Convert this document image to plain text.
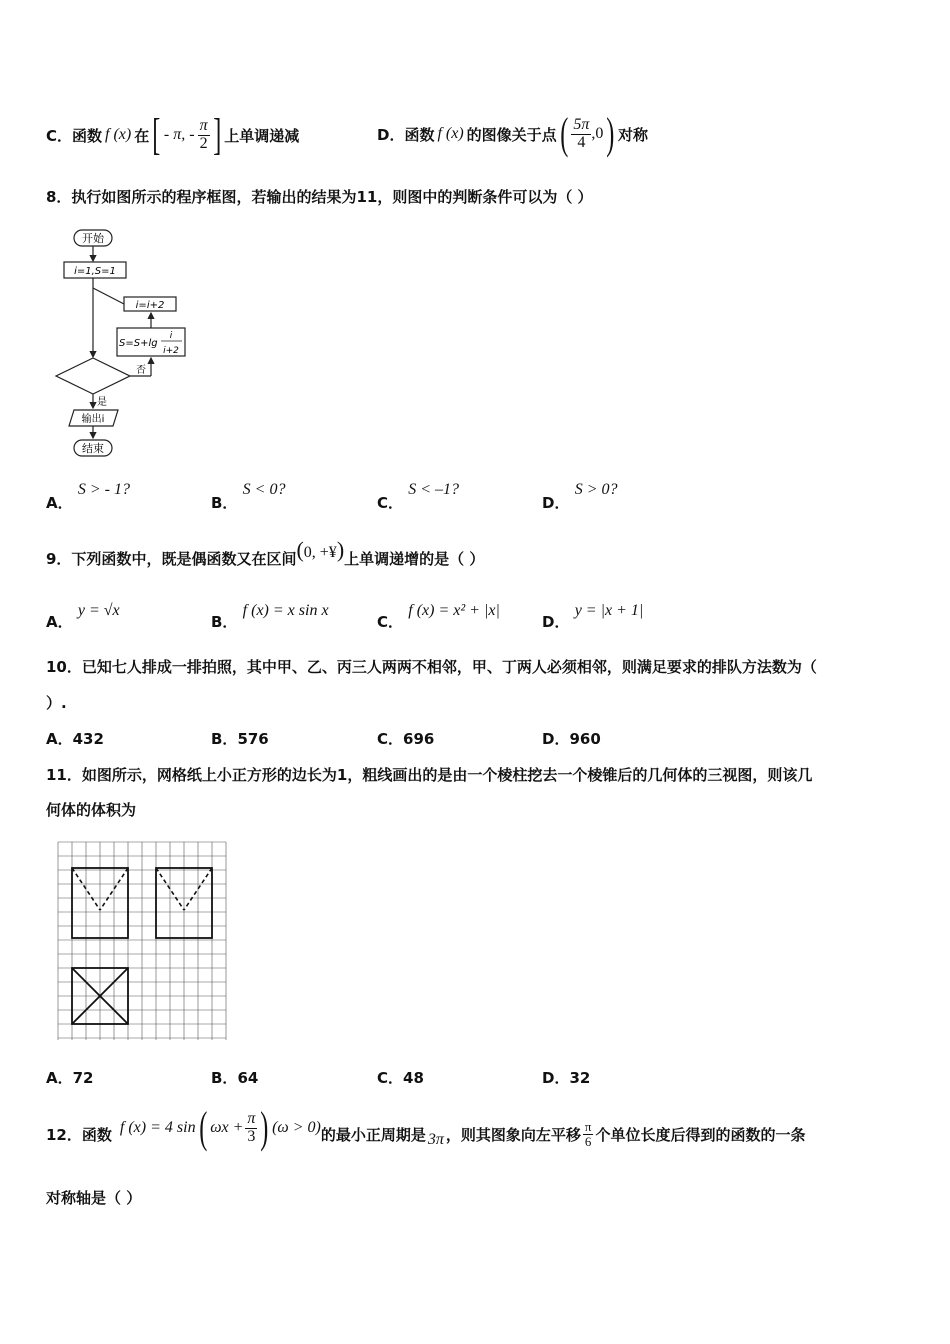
C． 函数 f (x) 在 [ - π, - $\frac{\pi}{2}$ ] 上单调递减	D． 函数 f (x) 的图像关于点 ( $\frac{5\pi}{4} ,0$ ) 对称
8．执行如图所示的程序框图，若输出的结果为11，则图中的判断条件可以为（ ）
开始
i=1,S=1
i=i+2
S=S+lg
i
i+2
否
是
输出i
结束
A． S > - 1?
B． S < 0?
C． S < –1?
D． S > 0?
9．下列函数中，既是偶函数又在区间 (0, +¥) 上单调递增的是（ ）
A． y = √x
B． f (x) = x sin x
C． f (x) = x² + |x|
D． y = |x + 1|
10．已知七人排成一排拍照，其中甲、乙、丙三人两两不相邻，甲、丁两人必须相邻，则满足要求的排队方法数为（
）.
A．432	B．576	C．696	D．960
11．如图所示，网格纸上小正方形的边长为1，粗线画出的是由一个棱柱挖去一个棱锥后的几何体的三视图，则该几
何体的体积为
A．72	B．64	C．48	D．32
12． 函数 f (x) = 4 sin ( $\omega x + \frac{\pi}{3}$ ) (ω > 0) 的最小正周期是 3π ，则其图象向左平移 $\frac{\pi}{6}$ 个单位长度后得到的函数的一条
对称轴是（ ）
